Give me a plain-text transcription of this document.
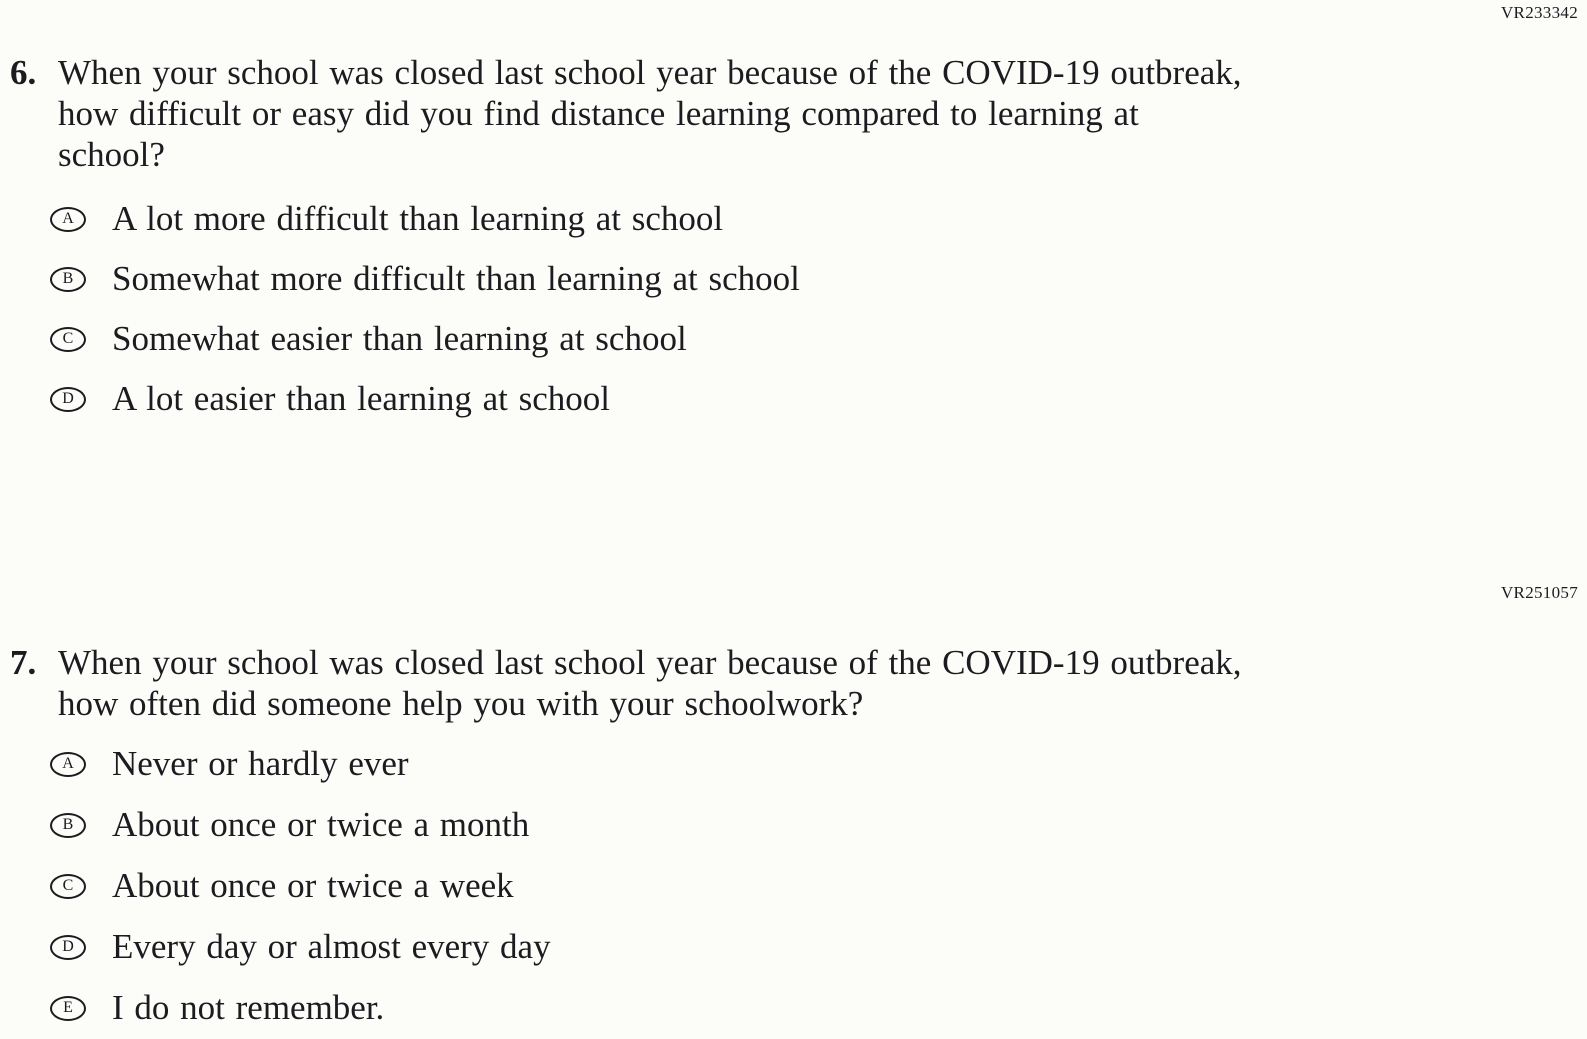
VR233342
6. When your school was closed last school year because of the COVID-19 outbreak,
how difficult or easy did you find distance learning compared to learning at
school?
A A lot more difficult than learning at school
B Somewhat more difficult than learning at school
C Somewhat easier than learning at school
D A lot easier than learning at school
VR251057
7. When your school was closed last school year because of the COVID-19 outbreak,
how often did someone help you with your schoolwork?
A Never or hardly ever
B About once or twice a month
C About once or twice a week
D Every day or almost every day
E I do not remember.
